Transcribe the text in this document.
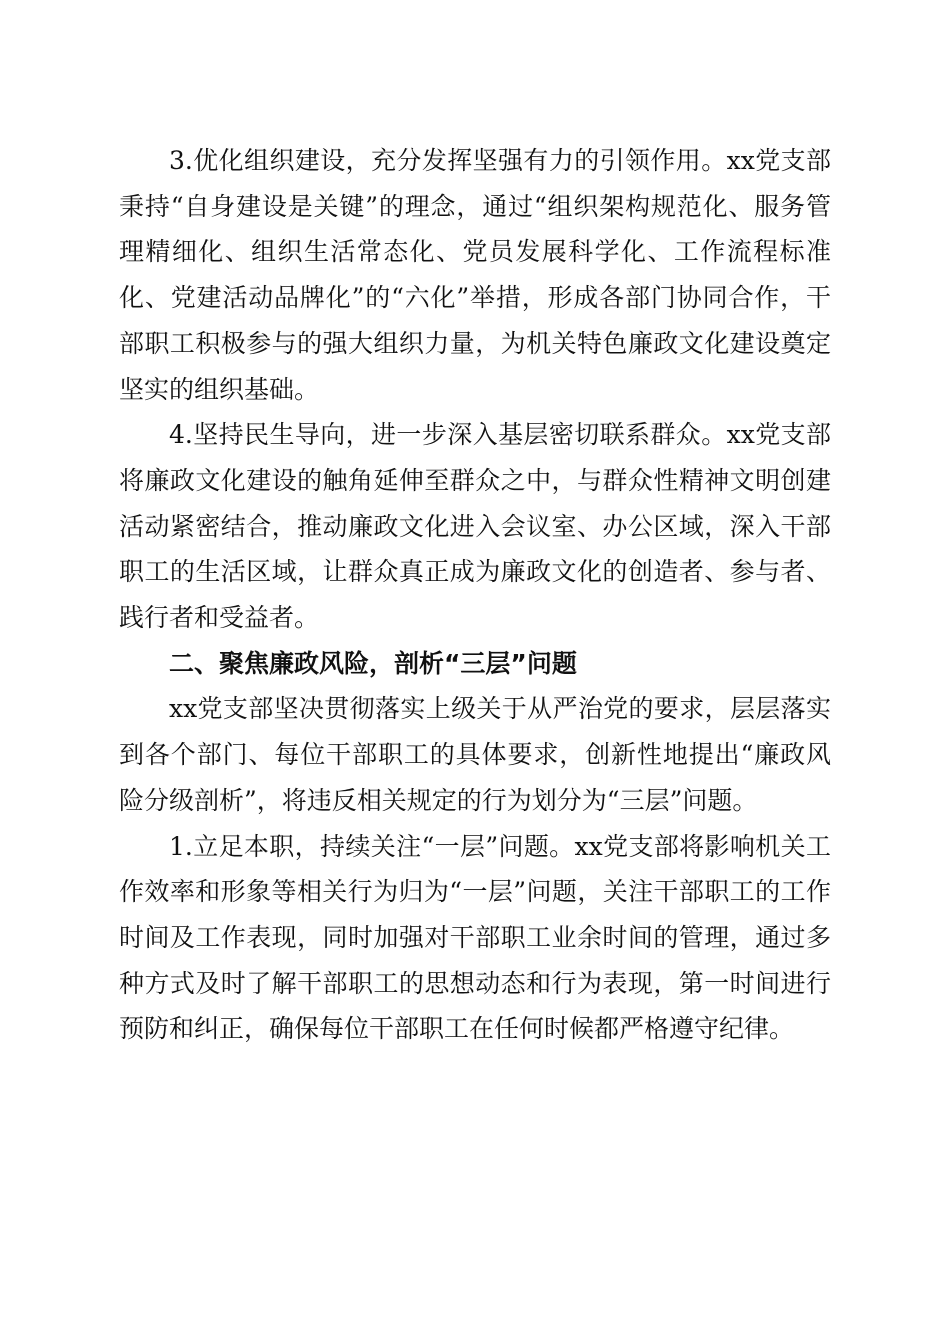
3.优化组织建设，充分发挥坚强有力的引领作用。xx党支部秉持“自身建设是关键”的理念，通过“组织架构规范化、服务管理精细化、组织生活常态化、党员发展科学化、工作流程标准化、党建活动品牌化”的“六化”举措，形成各部门协同合作，干部职工积极参与的强大组织力量，为机关特色廉政文化建设奠定坚实的组织基础。

4.坚持民生导向，进一步深入基层密切联系群众。xx党支部将廉政文化建设的触角延伸至群众之中，与群众性精神文明创建活动紧密结合，推动廉政文化进入会议室、办公区域，深入干部职工的生活区域，让群众真正成为廉政文化的创造者、参与者、践行者和受益者。

二、聚焦廉政风险，剖析“三层”问题

xx党支部坚决贯彻落实上级关于从严治党的要求，层层落实到各个部门、每位干部职工的具体要求，创新性地提出“廉政风险分级剖析”，将违反相关规定的行为划分为“三层”问题。

1.立足本职，持续关注“一层”问题。xx党支部将影响机关工作效率和形象等相关行为归为“一层”问题，关注干部职工的工作时间及工作表现，同时加强对干部职工业余时间的管理，通过多种方式及时了解干部职工的思想动态和行为表现，第一时间进行预防和纠正，确保每位干部职工在任何时候都严格遵守纪律。
